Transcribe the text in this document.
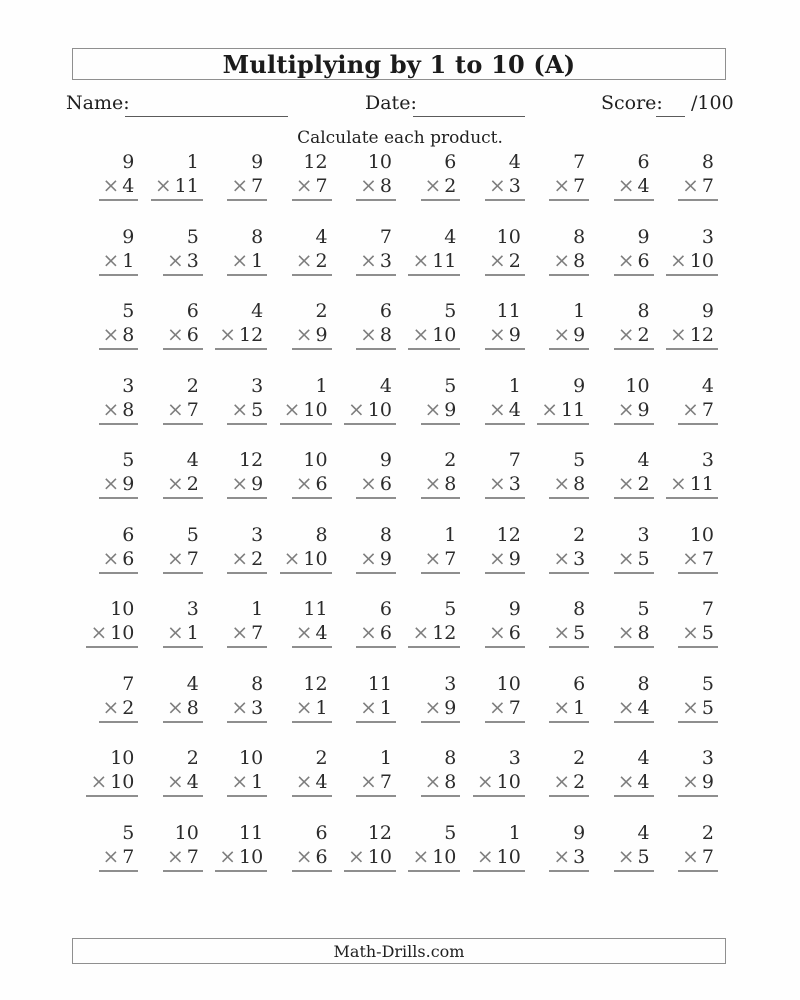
Multiplying by 1 to 10 (A)
Name:	Date:	Score: /100
Calculate each product.
9
× 4
1
× 11
9
× 7
12
× 7
10
× 8
6
× 2
4
× 3
7
× 7
6
× 4
8
× 7
9
× 1
5
× 3
8
× 1
4
× 2
7
× 3
4
× 11
10
× 2
8
× 8
9
× 6
3
× 10
5
× 8
6
× 6
4
× 12
2
× 9
6
× 8
5
× 10
11
× 9
1
× 9
8
× 2
9
× 12
3
× 8
2
× 7
3
× 5
1
× 10
4
× 10
5
× 9
1
× 4
9
× 11
10
× 9
4
× 7
5
× 9
4
× 2
12
× 9
10
× 6
9
× 6
2
× 8
7
× 3
5
× 8
4
× 2
3
× 11
6
× 6
5
× 7
3
× 2
8
× 10
8
× 9
1
× 7
12
× 9
2
× 3
3
× 5
10
× 7
10
× 10
3
× 1
1
× 7
11
× 4
6
× 6
5
× 12
9
× 6
8
× 5
5
× 8
7
× 5
7
× 2
4
× 8
8
× 3
12
× 1
11
× 1
3
× 9
10
× 7
6
× 1
8
× 4
5
× 5
10
× 10
2
× 4
10
× 1
2
× 4
1
× 7
8
× 8
3
× 10
2
× 2
4
× 4
3
× 9
5
× 7
10
× 7
11
× 10
6
× 6
12
× 10
5
× 10
1
× 10
9
× 3
4
× 5
2
× 7
Math-Drills.com
